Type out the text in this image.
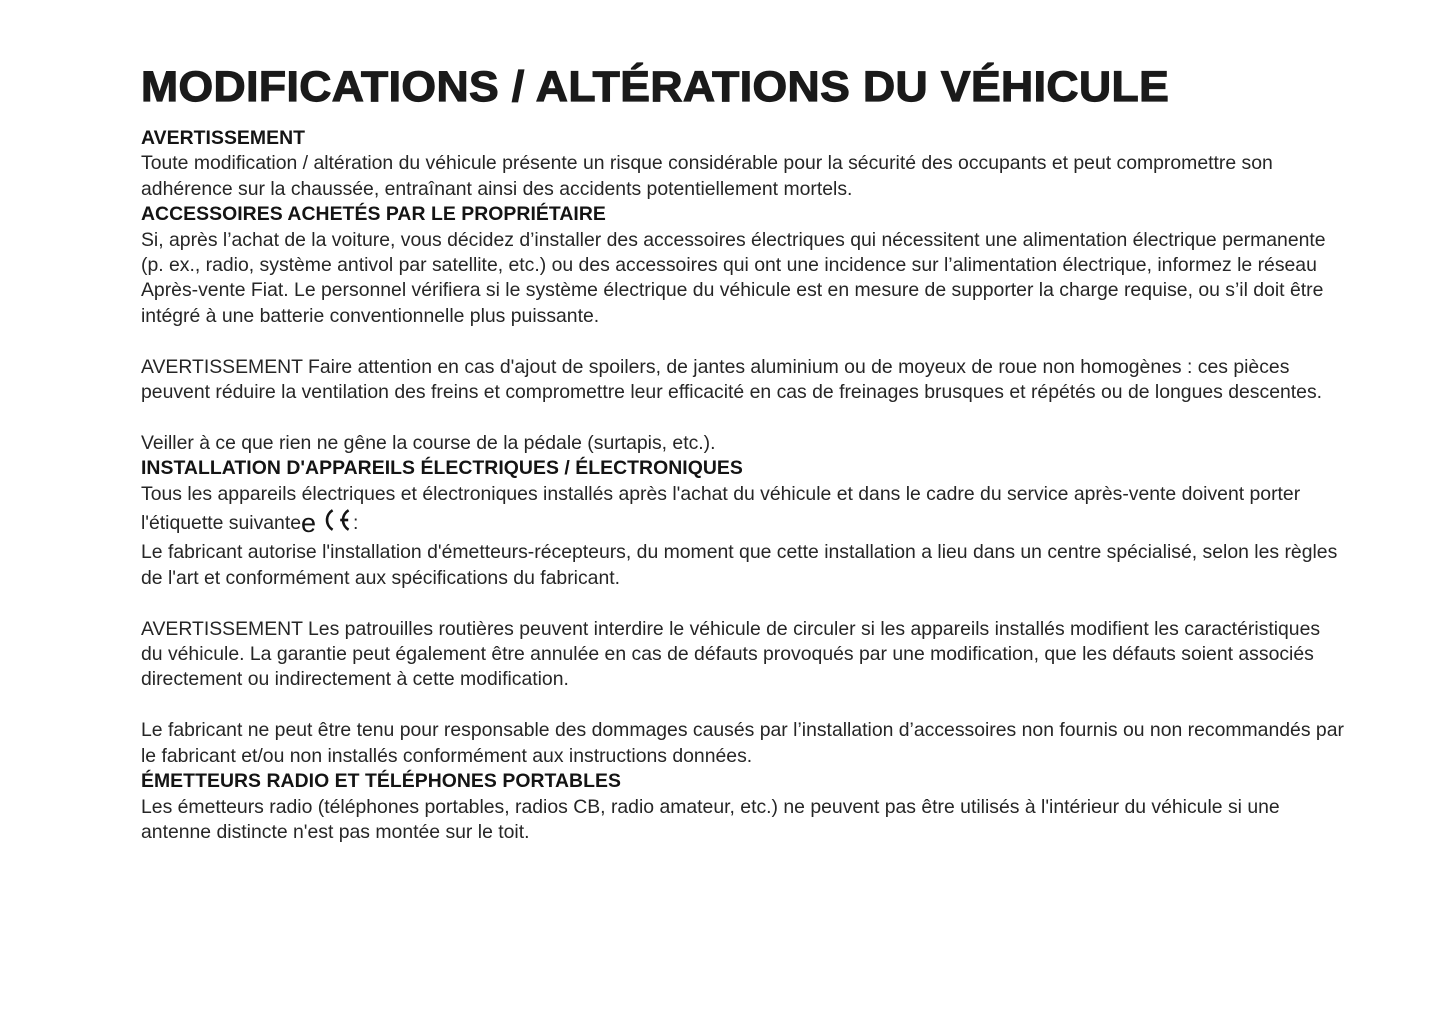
MODIFICATIONS / ALTÉRATIONS DU VÉHICULE

AVERTISSEMENT

Toute modification / altération du véhicule présente un risque considérable pour la sécurité des occupants et peut compromettre son adhérence sur la chaussée, entraînant ainsi des accidents potentiellement mortels.

ACCESSOIRES ACHETÉS PAR LE PROPRIÉTAIRE

Si, après l’achat de la voiture, vous décidez d’installer des accessoires électriques qui nécessitent une alimentation électrique permanente (p. ex., radio, système antivol par satellite, etc.) ou des accessoires qui ont une incidence sur l’alimentation électrique, informez le réseau Après-vente Fiat. Le personnel vérifiera si le système électrique du véhicule est en mesure de supporter la charge requise, ou s’il doit être intégré à une batterie conventionnelle plus puissante.

AVERTISSEMENT Faire attention en cas d'ajout de spoilers, de jantes aluminium ou de moyeux de roue non homogènes : ces pièces peuvent réduire la ventilation des freins et compromettre leur efficacité en cas de freinages brusques et répétés ou de longues descentes.

Veiller à ce que rien ne gêne la course de la pédale (surtapis, etc.).

INSTALLATION D'APPAREILS ÉLECTRIQUES / ÉLECTRONIQUES

Tous les appareils électriques et électroniques installés après l'achat du véhicule et dans le cadre du service après-vente doivent porter l'étiquette suivantee :

Le fabricant autorise l'installation d'émetteurs-récepteurs, du moment que cette installation a lieu dans un centre spécialisé, selon les règles de l'art et conformément aux spécifications du fabricant.

AVERTISSEMENT Les patrouilles routières peuvent interdire le véhicule de circuler si les appareils installés modifient les caractéristiques du véhicule. La garantie peut également être annulée en cas de défauts provoqués par une modification, que les défauts soient associés directement ou indirectement à cette modification.

Le fabricant ne peut être tenu pour responsable des dommages causés par l’installation d’accessoires non fournis ou non recommandés par le fabricant et/ou non installés conformément aux instructions données.

ÉMETTEURS RADIO ET TÉLÉPHONES PORTABLES

Les émetteurs radio (téléphones portables, radios CB, radio amateur, etc.) ne peuvent pas être utilisés à l'intérieur du véhicule si une antenne distincte n'est pas montée sur le toit.
